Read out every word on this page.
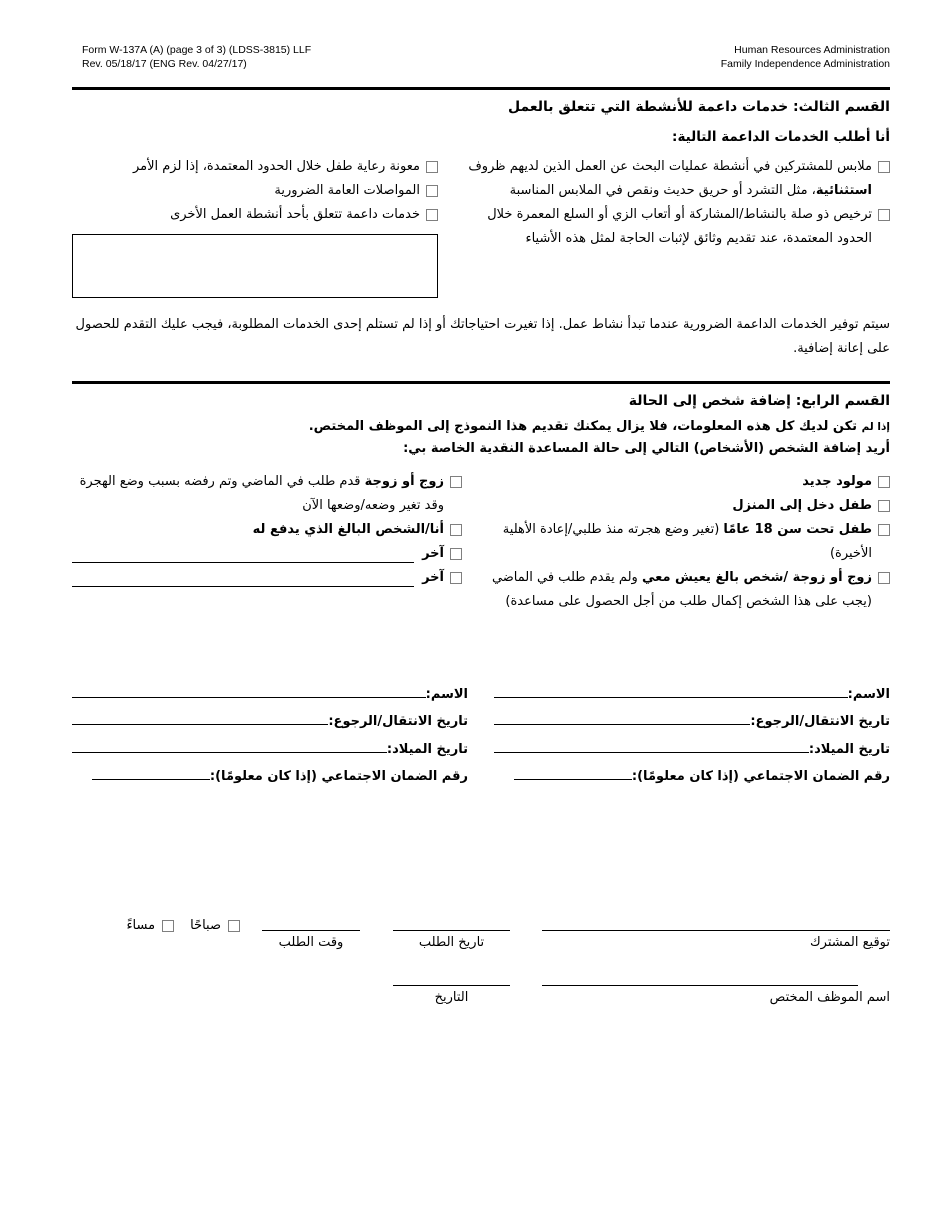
Form W-137A (A) (page 3 of 3) (LDSS-3815) LLF
Rev. 05/18/17 (ENG Rev. 04/27/17)
Human Resources Administration
Family Independence Administration
القسم الثالث: خدمات داعمة للأنشطة التي تتعلق بالعمل
أنا أطلب الخدمات الداعمة التالية:
ملابس للمشتركين في أنشطة عمليات البحث عن العمل الذين لديهم ظروف استثنائية، مثل التشرد أو حريق حديث ونقص في الملابس المناسبة
ترخيص ذو صلة بالنشاط/المشاركة أو أتعاب الزي أو السلع المعمرة خلال الحدود المعتمدة، عند تقديم وثائق لإثبات الحاجة لمثل هذه الأشياء
معونة رعاية طفل خلال الحدود المعتمدة، إذا لزم الأمر
المواصلات العامة الضرورية
خدمات داعمة تتعلق بأحد أنشطة العمل الأخرى
سيتم توفير الخدمات الداعمة الضرورية عندما تبدأ نشاط عمل. إذا تغيرت احتياجاتك أو إذا لم تستلم إحدى الخدمات المطلوبة، فيجب عليك التقدم للحصول على إعانة إضافية.
القسم الرابع: إضافة شخص إلى الحالة
إذا لم تكن لديك كل هذه المعلومات، فلا يزال يمكنك تقديم هذا النموذج إلى الموظف المختص.
أريد إضافة الشخص (الأشخاص) التالي إلى حالة المساعدة النقدية الخاصة بي:
مولود جديد
طفل دخل إلى المنزل
طفل تحت سن 18 عامًا (تغير وضع هجرته منذ طلبي/إعادة الأهلية الأخيرة)
زوج أو زوجة /شخص بالغ يعيش معي ولم يقدم طلب في الماضي (يجب على هذا الشخص إكمال طلب من أجل الحصول على مساعدة)
زوج أو زوجة قدم طلب في الماضي وتم رفضه بسبب وضع الهجرة وقد تغير وضعه/وضعها الآن
أنا/الشخص البالغ الذي يدفع له
آخر
آخر
الاسم:
تاريخ الانتقال/الرجوع:
تاريخ الميلاد:
رقم الضمان الاجتماعي (إذا كان معلومًا):
الاسم:
تاريخ الانتقال/الرجوع:
تاريخ الميلاد:
رقم الضمان الاجتماعي (إذا كان معلومًا):
توقيع المشترك
تاريخ الطلب
وقت الطلب
صباحًا
مساءً
اسم الموظف المختص
التاريخ
